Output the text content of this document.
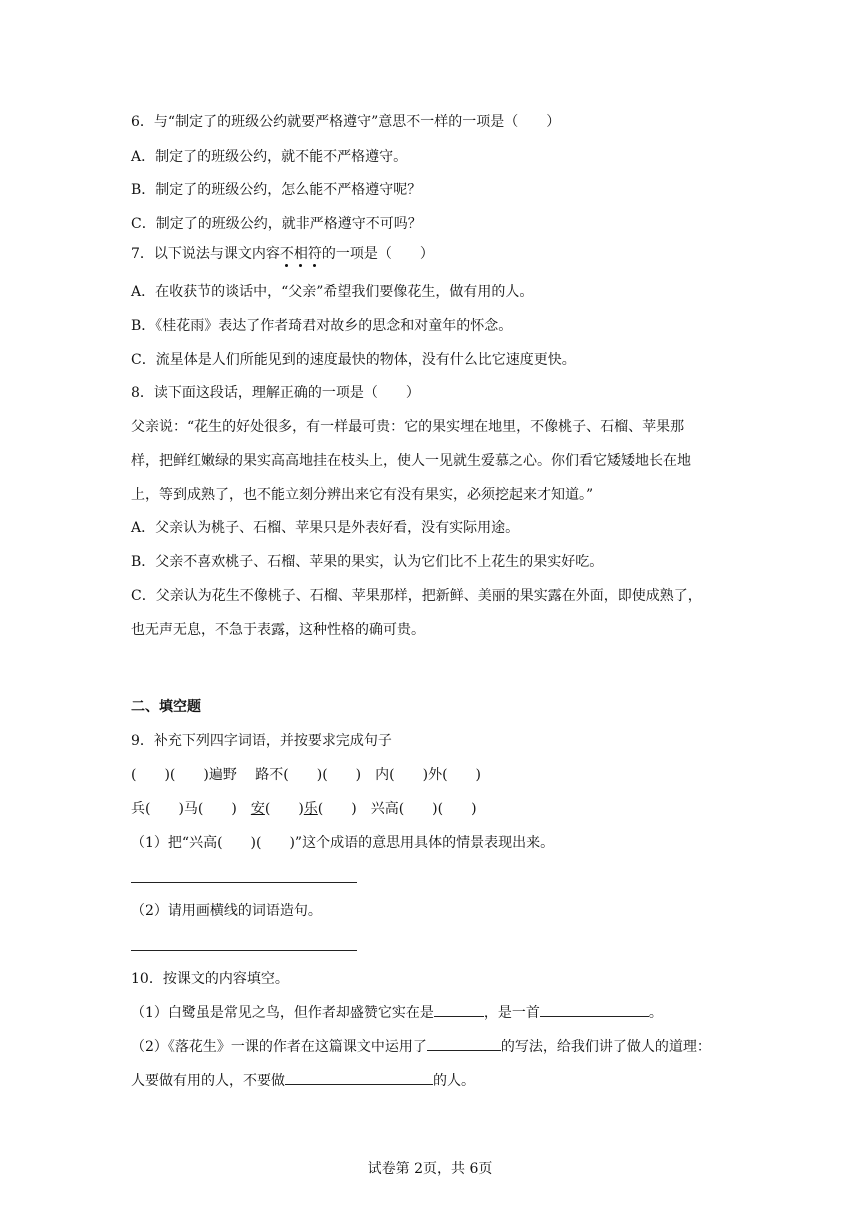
6．与“制定了的班级公约就要严格遵守”意思不一样的一项是（　　）
A．制定了的班级公约，就不能不严格遵守。
B．制定了的班级公约，怎么能不严格遵守呢？
C．制定了的班级公约，就非严格遵守不可吗？
7．以下说法与课文内容不相符的一项是（　　）
A．在收获节的谈话中，“父亲”希望我们要像花生，做有用的人。
B．《桂花雨》表达了作者琦君对故乡的思念和对童年的怀念。
C．流星体是人们所能见到的速度最快的物体，没有什么比它速度更快。
8．读下面这段话，理解正确的一项是（　　）
父亲说：“花生的好处很多，有一样最可贵：它的果实埋在地里，不像桃子、石榴、苹果那
样，把鲜红嫩绿的果实高高地挂在枝头上，使人一见就生爱慕之心。你们看它矮矮地长在地
上，等到成熟了，也不能立刻分辨出来它有没有果实，必须挖起来才知道。”
A．父亲认为桃子、石榴、苹果只是外表好看，没有实际用途。
B．父亲不喜欢桃子、石榴、苹果的果实，认为它们比不上花生的果实好吃。
C．父亲认为花生不像桃子、石榴、苹果那样，把新鲜、美丽的果实露在外面，即使成熟了，
也无声无息，不急于表露，这种性格的确可贵。
二、填空题
9．补充下列四字词语，并按要求完成句子
(　　)(　　)遍野　 路不(　　)(　　)　内(　　)外(　　)
兵(　　)马(　　)　安(　　)乐(　　)　兴高(　　)(　　)
（1）把“兴高(　　)(　　)”这个成语的意思用具体的情景表现出来。
（2）请用画横线的词语造句。
10．按课文的内容填空。
（1）白鹭虽是常见之鸟，但作者却盛赞它实在是	，是一首	。
（2）《落花生》一课的作者在这篇课文中运用了	的写法，给我们讲了做人的道理：
人要做有用的人，不要做	的人。
试卷第 2页，共 6页
